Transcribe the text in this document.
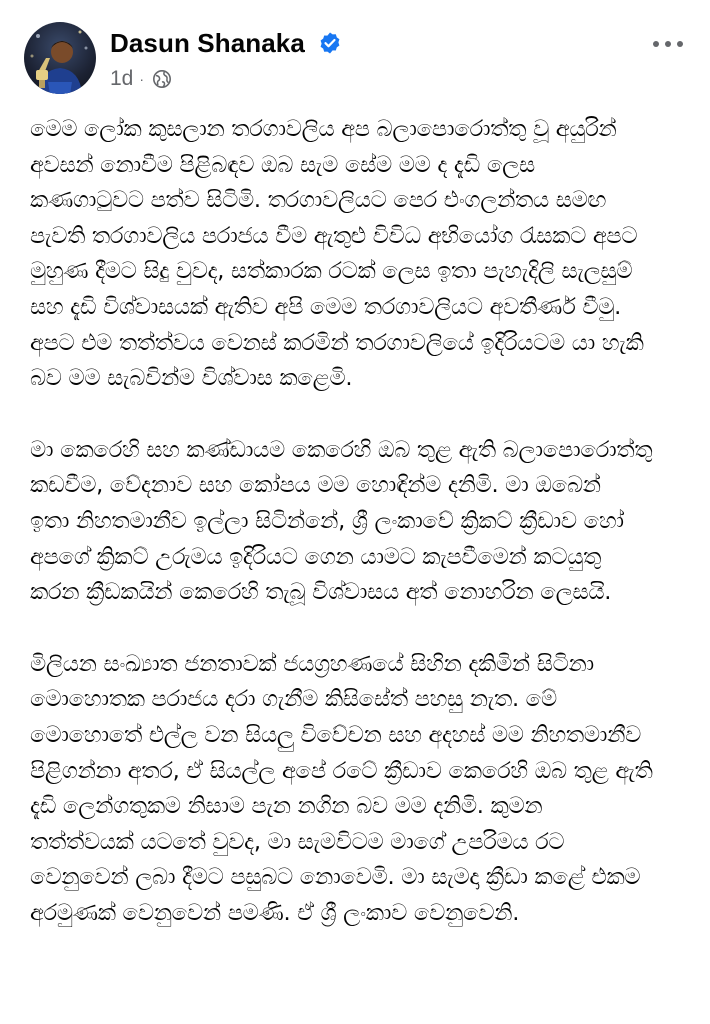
Dasun Shanaka
1d ·

මෙම ලෝක කුසලාන තරගාවලිය අප බලාපොරොත්තු වූ අයුරින්
අවසන් නොවීම පිළිබඳව ඔබ සැම සේම මම ද දැඩි ලෙස
කණගාටුවට පත්ව සිටිමි. තරගාවලියට පෙර එංගලන්තය සමඟ
පැවති තරගාවලිය පරාජය වීම ඇතුළු විවිධ අභියෝග රැසකට අපට
මුහුණ දීමට සිදු වුවද, සත්කාරක රටක් ලෙස ඉතා පැහැදිලි සැලසුම්
සහ දැඩි විශ්වාසයක් ඇතිව අපි මෙම තරගාවලියට අවතීර්ණ වීමු.
අපට එම තත්ත්වය වෙනස් කරමින් තරගාවලියේ ඉදිරියටම යා හැකි
බව මම සැබවින්ම විශ්වාස කළෙමි.

මා කෙරෙහි සහ කණ්ඩායම කෙරෙහි ඔබ තුළ ඇති බලාපොරොත්තු
කඩවීම, වේදනාව සහ කෝපය මම හොඳින්ම දනිමි. මා ඔබෙන්
ඉතා නිහතමානීව ඉල්ලා සිටින්නේ, ශ්‍රී ලංකාවේ ක්‍රිකට් ක්‍රීඩාව හෝ
අපගේ ක්‍රිකට් උරුමය ඉදිරියට ගෙන යාමට කැපවීමෙන් කටයුතු
කරන ක්‍රීඩකයින් කෙරෙහි තැබූ විශ්වාසය අත් නොහරින ලෙසයි.

මිලියන සංඛ්‍යාත ජනතාවක් ජයග්‍රහණයේ සිහින දකිමින් සිටිනා
මොහොතක පරාජය දරා ගැනීම කිසිසේත් පහසු නැත. මේ
මොහොතේ එල්ල වන සියලු විවේචන සහ අදහස් මම නිහතමානීව
පිළිගන්නා අතර, ඒ සියල්ල අපේ රටේ ක්‍රීඩාව කෙරෙහි ඔබ තුළ ඇති
දැඩි ලෙන්ගතුකම නිසාම පැන නගින බව මම දනිමි. කුමන
තත්ත්වයක් යටතේ වුවද, මා සැමවිටම මාගේ උපරිමය රට
වෙනුවෙන් ලබා දීමට පසුබට නොවෙමි. මා සැමදා ක්‍රීඩා කළේ එකම
අරමුණක් වෙනුවෙන් පමණි. ඒ ශ්‍රී ලංකාව වෙනුවෙනි.
